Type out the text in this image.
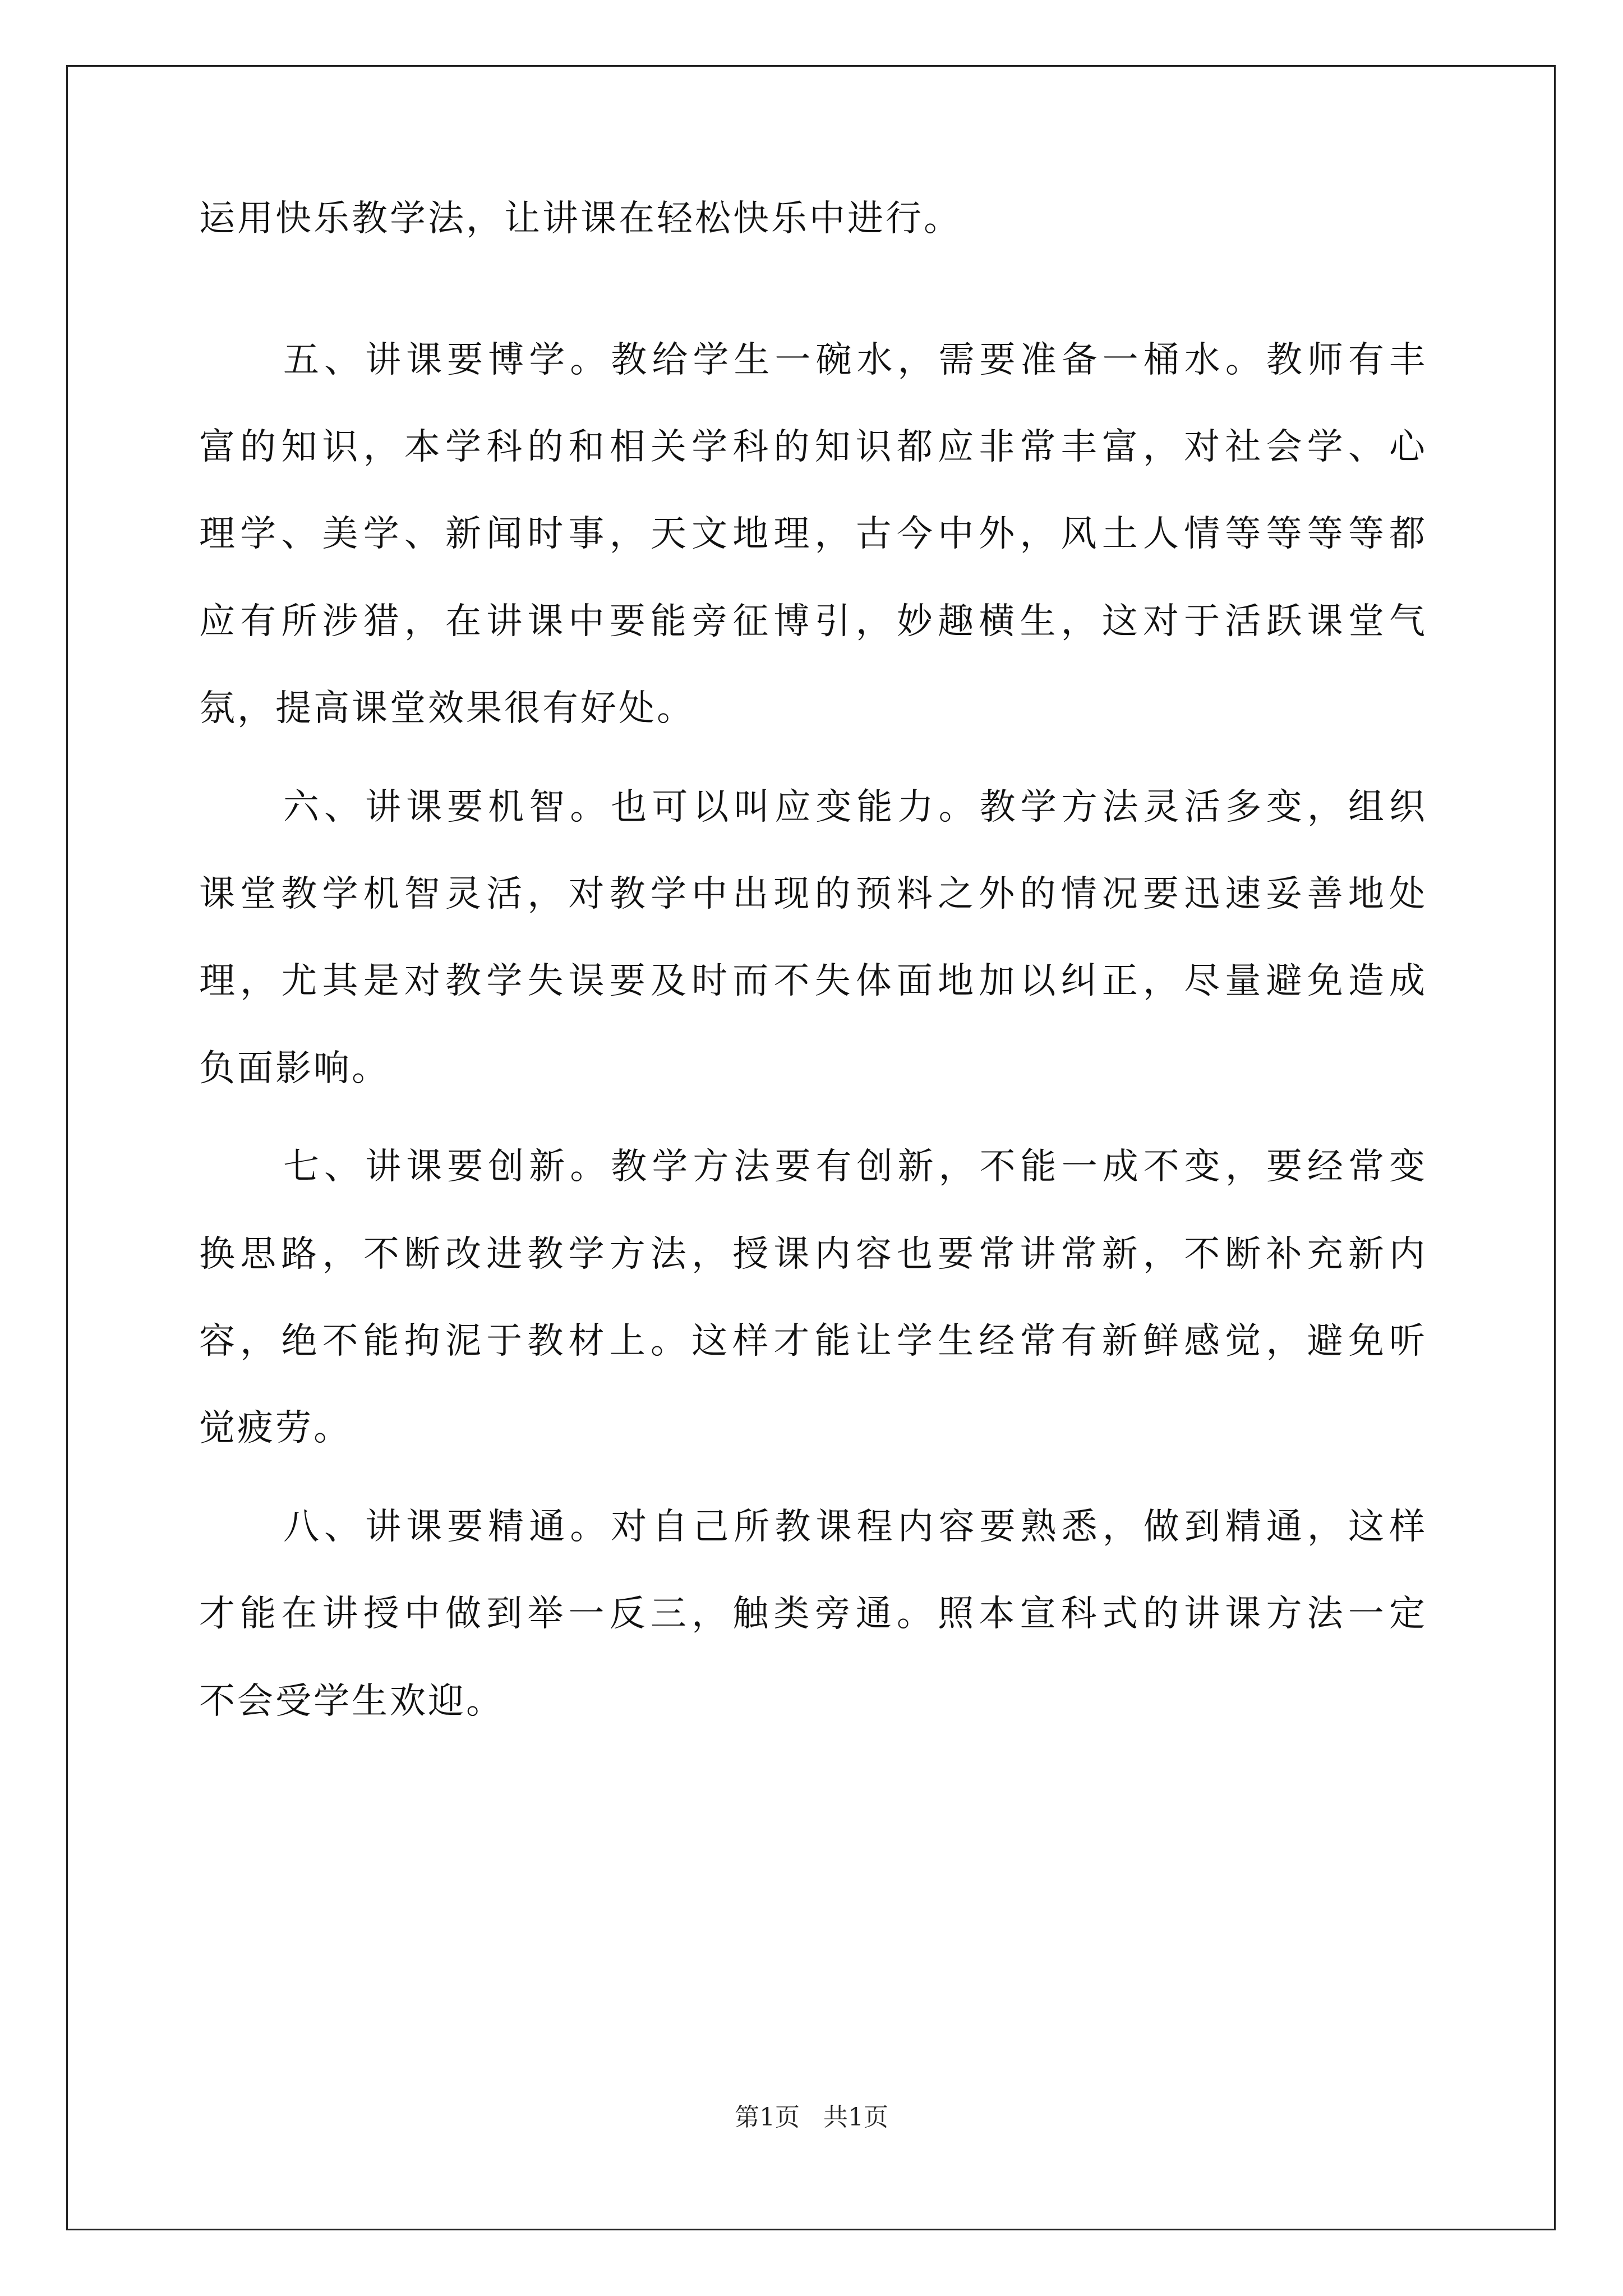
运用快乐教学法，让讲课在轻松快乐中进行。
五、讲课要博学。教给学生一碗水，需要准备一桶水。教师有丰
富的知识，本学科的和相关学科的知识都应非常丰富，对社会学、心
理学、美学、新闻时事，天文地理，古今中外，风土人情等等等等都
应有所涉猎，在讲课中要能旁征博引，妙趣横生，这对于活跃课堂气
氛，提高课堂效果很有好处。
六、讲课要机智。也可以叫应变能力。教学方法灵活多变，组织
课堂教学机智灵活，对教学中出现的预料之外的情况要迅速妥善地处
理，尤其是对教学失误要及时而不失体面地加以纠正，尽量避免造成
负面影响。
七、讲课要创新。教学方法要有创新，不能一成不变，要经常变
换思路，不断改进教学方法，授课内容也要常讲常新，不断补充新内
容，绝不能拘泥于教材上。这样才能让学生经常有新鲜感觉，避免听
觉疲劳。
八、讲课要精通。对自己所教课程内容要熟悉，做到精通，这样
才能在讲授中做到举一反三，触类旁通。照本宣科式的讲课方法一定
不会受学生欢迎。
第1页   共1页
